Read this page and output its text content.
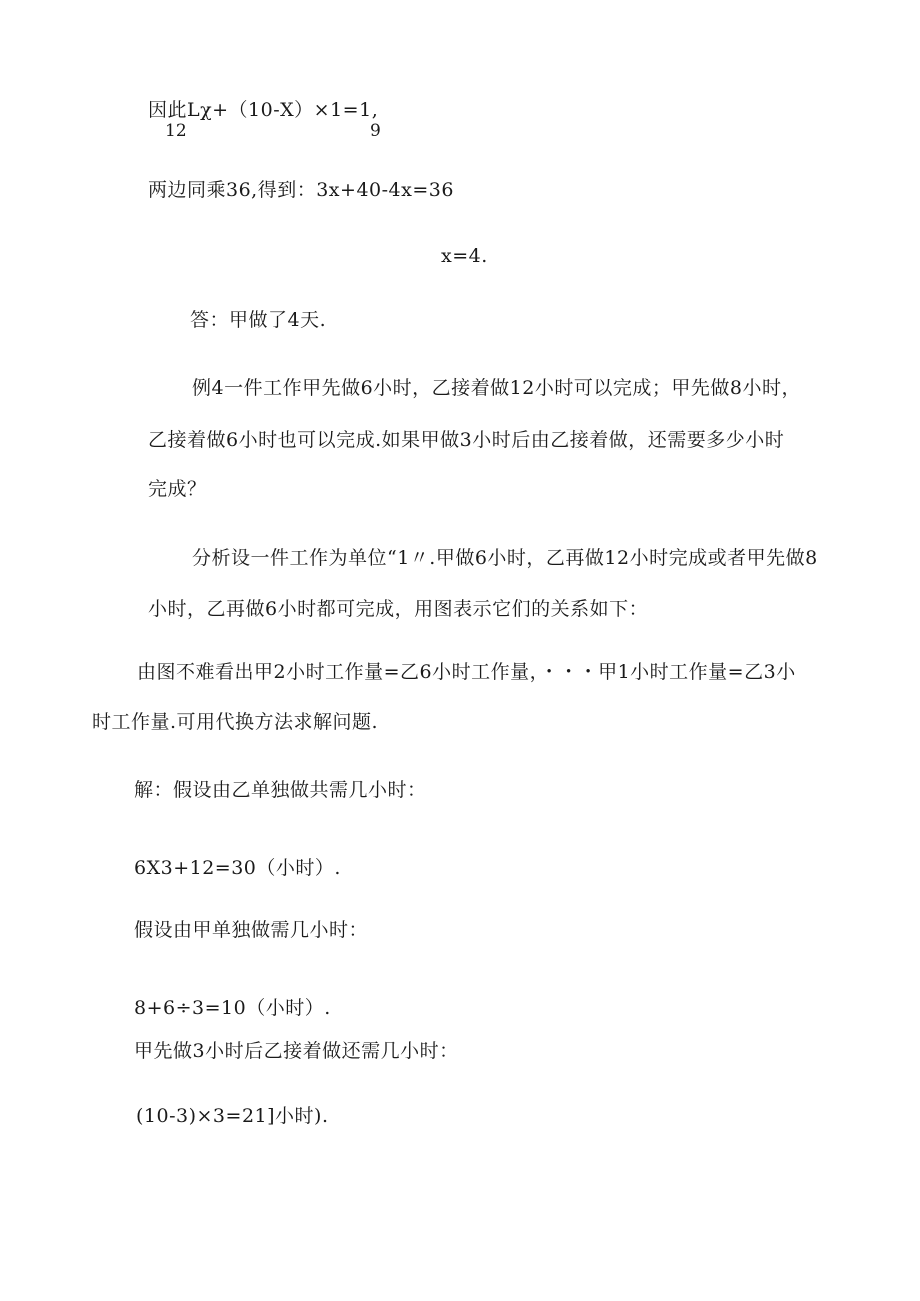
因此Lχ+（10-X）×1=1,
12	9
两边同乘36,得到：3x+40-4x=36
x=4.
答：甲做了4天.
例4一件工作甲先做6小时，乙接着做12小时可以完成；甲先做8小时，
乙接着做6小时也可以完成.如果甲做3小时后由乙接着做，还需要多少小时
完成？
分析设一件工作为单位“1〃.甲做6小时，乙再做12小时完成或者甲先做8
小时，乙再做6小时都可完成，用图表示它们的关系如下：
由图不难看出甲2小时工作量=乙6小时工作量，・・・甲1小时工作量=乙3小
时工作量.可用代换方法求解问题.
解：假设由乙单独做共需几小时：
6X3+12=30（小时）.
假设由甲单独做需几小时：
8+6÷3=10（小时）.
甲先做3小时后乙接着做还需几小时：
(10-3)×3=21]小时).
